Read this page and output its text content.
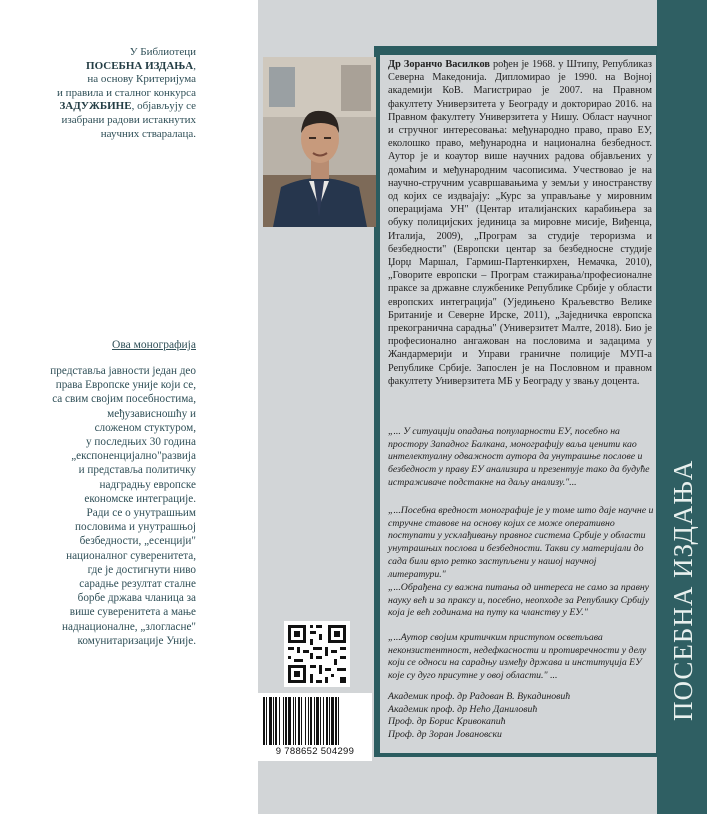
У Библиотеци
ПОСЕБНА ИЗДАЊА,
на основу Критеријума
и правила и сталног конкурса
ЗАДУЖБИНЕ, објављују се
изабрани радови истакнутих
научних стваралаца.
Ова монографија
представља јавности један део
права Европске уније који се,
са свим својим посебностима,
међузависношћу и
сложеном стуктуром,
у последњих 30 година
„експоненцијално"развија
и представља политичку
надградњу европске
економске интеграције.
Ради се о унутрашњим
пословима и унутрашњој
безбедности, „есенцији"
националног суверенитета,
где је достигнути ниво
сарадње резултат сталне
борбе држава чланица за
више суверенитета а мање
наднационалне, „злогласне"
комунитаризације Уније.	ПОСЕБНА ИЗДАЊА
Др Зоранчо Василков рођен је 1968. у Штипу, Републиказ Северна Македонија. Дипломирао је 1990. на Војној академији КоВ. Магистрирао је 2007. на Правном факултету Универзитета у Београду и докторирао 2016. на Правном факултету Универзитета у Нишу. Област научног и стручног интересовања: међународно право, право ЕУ, еколошко право, међународна и национална безбедност. Аутор је и коаутор више научних радова објављених у домаћим и међународним часописима. Учествовао је на научно-стручним усавршавањима у земљи у иностранству од којих се издвајају: „Курс за управљање у мировним операцијама УН" (Центар италијанских карабињера за обуку полицијских јединица за мировне мисије, Виђенца, Италија, 2009), „Програм за студије тероризма и безбедности" (Европски центар за безбедносне студије Џорџ Маршал, Гармиш-Партенкирхен, Немачка, 2010), „Говорите европски – Програм стажирања/професионалне праксе за државне службенике Републике Србије у области европских интеграција" (Уједињено Краљевство Велике Британије и Северне Ирске, 2011), „Заједничка европска прекогранична сарадња" (Универзитет Малте, 2018). Био је професионално ангажован на пословима и задацима у Жандармерији и Управи граничне полиције МУП-а Републике Србије. Запослен је на Пословном и правном факултету Универзитета МБ у Београду у звању доцента.
„... У ситуацији опадања популарности ЕУ, посебно на простору Западног Балкана, монографију ваља ценити као интелектуалну одважност аутора да унутрашње послове и безбедност у праву ЕУ анализира и презентује тако да буду̂ће истраживаче подстакне на даљу анализу."...
„...Посебна вредност монографије је у томе што даје научне и стручне ставове на основу којих се може оперативно поступати у усклађивању правног система Србије у области унутрашњих послова и безбедности. Такви су материјали до сада били врло ретко заступљени у нашој научној литератури."
„...Обрађена су важна питања од интереса не само за правну науку већ и за праксу и, посебно, неопходе за Републику Србију која је већ годинама на путу ка чланству у ЕУ."
„...Аутор својим критичким приступом осветљава неконзистентност, недефкасности и противречности у делу који се односи на сарадњу између држава и институција ЕУ које су дуго присутне у овој области." ...
Академик проф. др Радован В. Вукадиновић
Академик проф. др Нећо Даниловић
Проф. др Борис Кривокапић
Проф. др Зоран Јовановски
9 788652 504299
